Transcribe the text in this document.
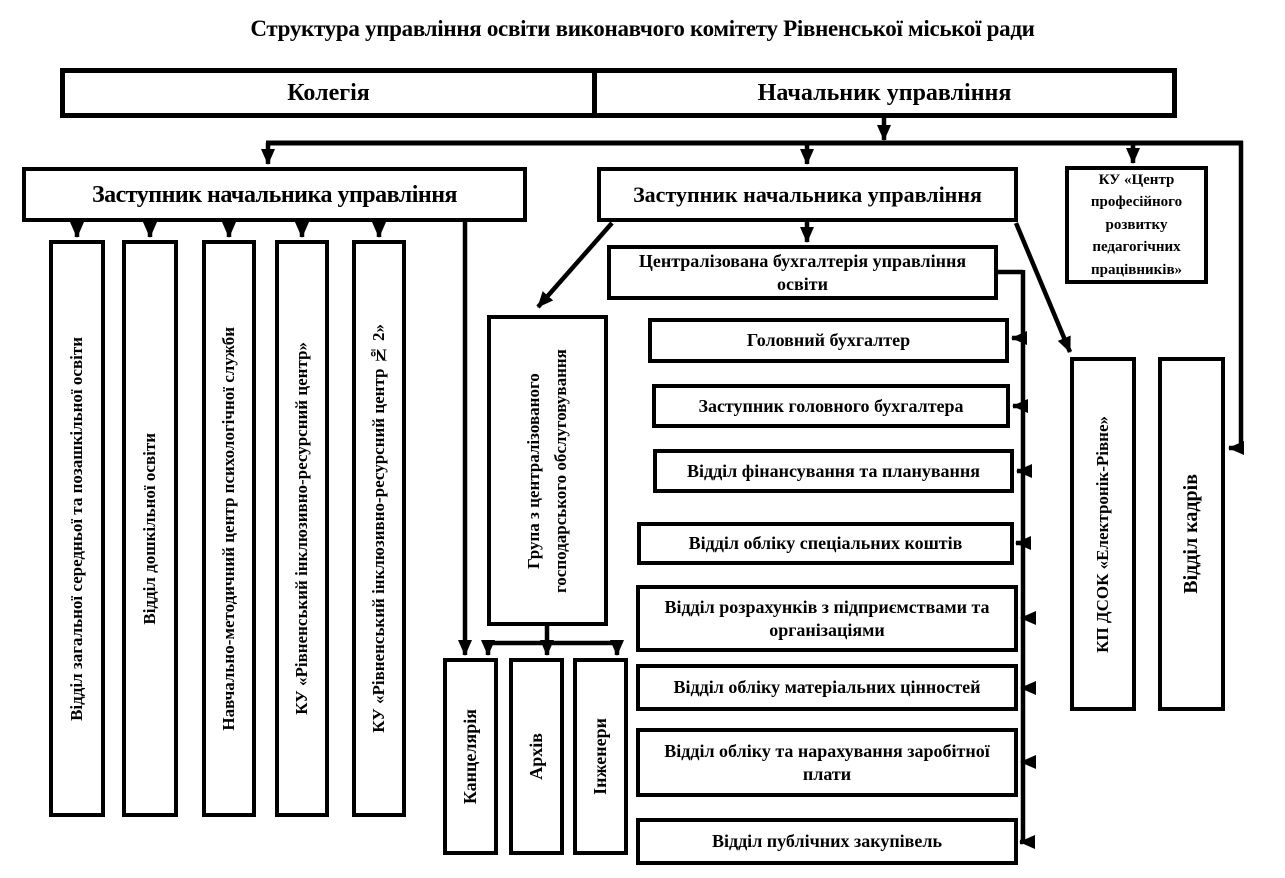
Структура управління освіти виконавчого комітету Рівненської міської ради
Колегія	Начальник управління
Заступник начальника управління	Заступник начальника управління
КУ «Центр професійного розвитку педагогічних працівників»
Відділ загальної середньої та позашкільної освіти	Відділ дошкільної освіти	Навчально-методичний центр психологічної служби	КУ «Рівненський інклюзивно-ресурсний центр»	КУ «Рівненський інклюзивно-ресурсний центр № 2»
Централізована бухгалтерія управління освіти
Головний бухгалтер
Заступник головного бухгалтера
Відділ фінансування та планування
Відділ обліку спеціальних коштів
Відділ розрахунків з підприємствами та організаціями
Відділ обліку матеріальних цінностей
Відділ обліку та нарахування заробітної плати
Відділ публічних закупівель
Група з централізованого господарського обслуговування
Канцелярія	Архів Інженери
КП ДСОК «Електронік-Рівне»	Відділ кадрів
